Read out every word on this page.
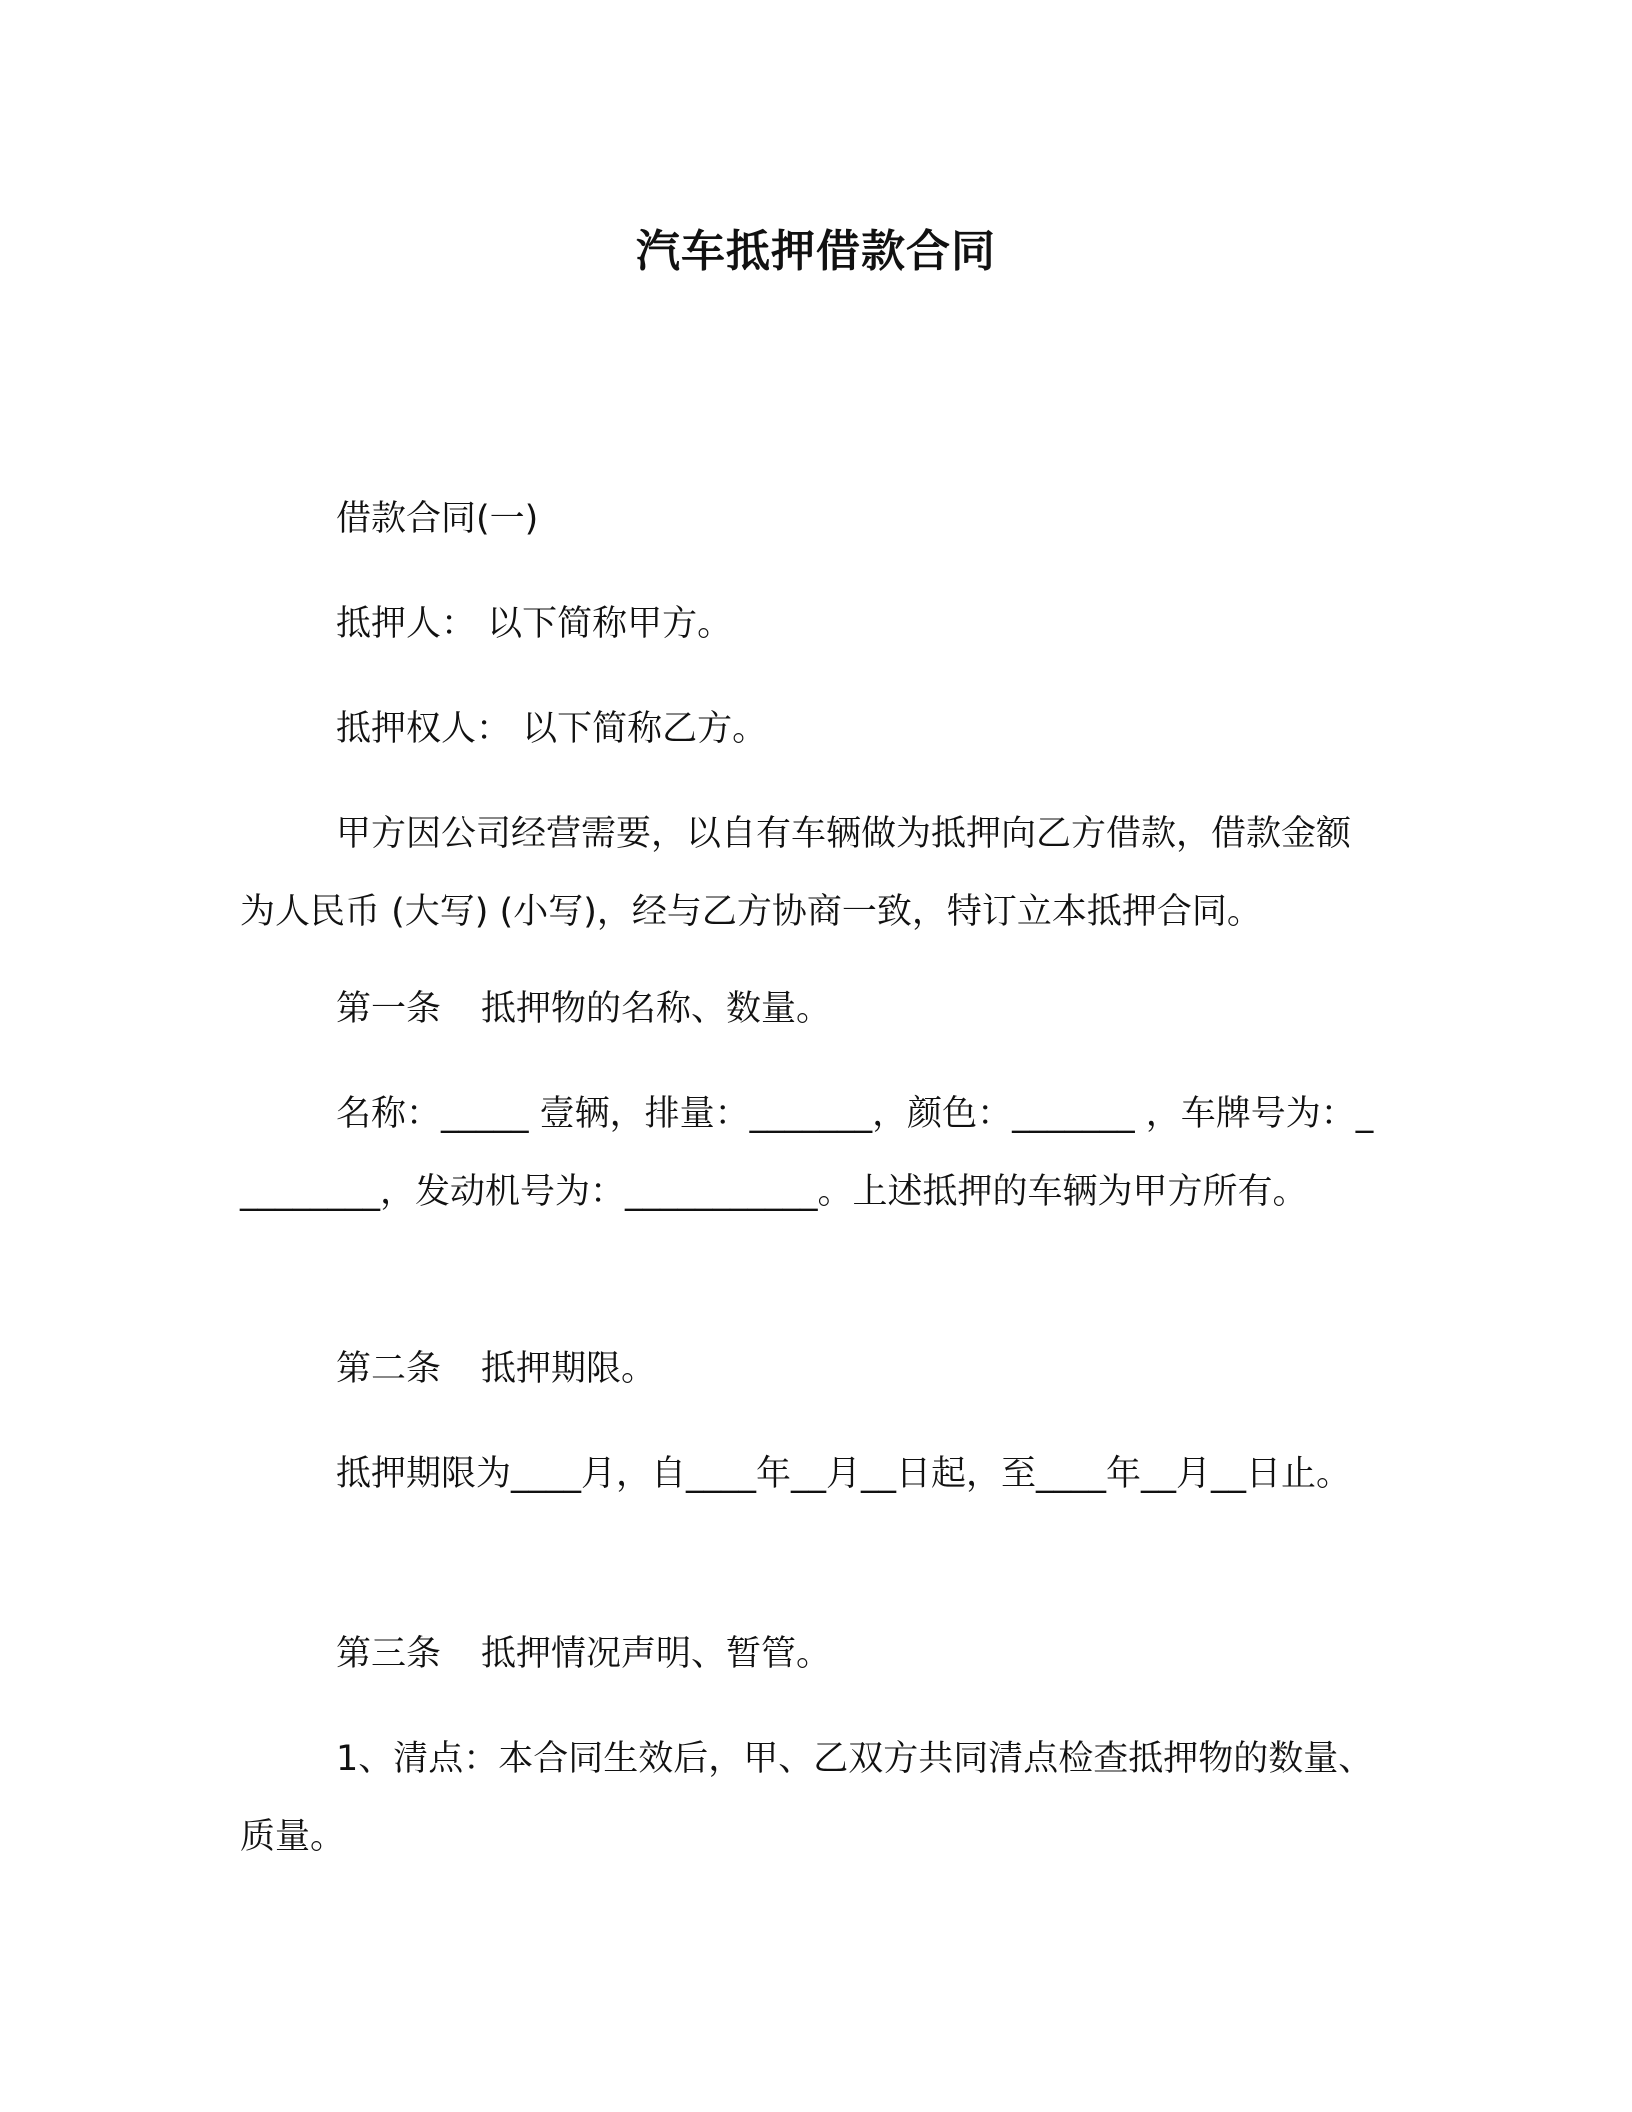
汽车抵押借款合同

借款合同(一)

抵押人： 以下简称甲方。

抵押权人： 以下简称乙方。

甲方因公司经营需要，以自有车辆做为抵押向乙方借款，借款金额为人民币 (大写) (小写)，经与乙方协商一致，特订立本抵押合同。

第一条 抵押物的名称、数量。

名称：_____ 壹辆，排量：_______，颜色：_______ ，车牌号为：_________，发动机号为：___________。上述抵押的车辆为甲方所有。

第二条 抵押期限。

抵押期限为____月，自____年__月__日起，至____年__月__日止。

第三条 抵押情况声明、暂管。

1、清点：本合同生效后，甲、乙双方共同清点检查抵押物的数量、质量。
